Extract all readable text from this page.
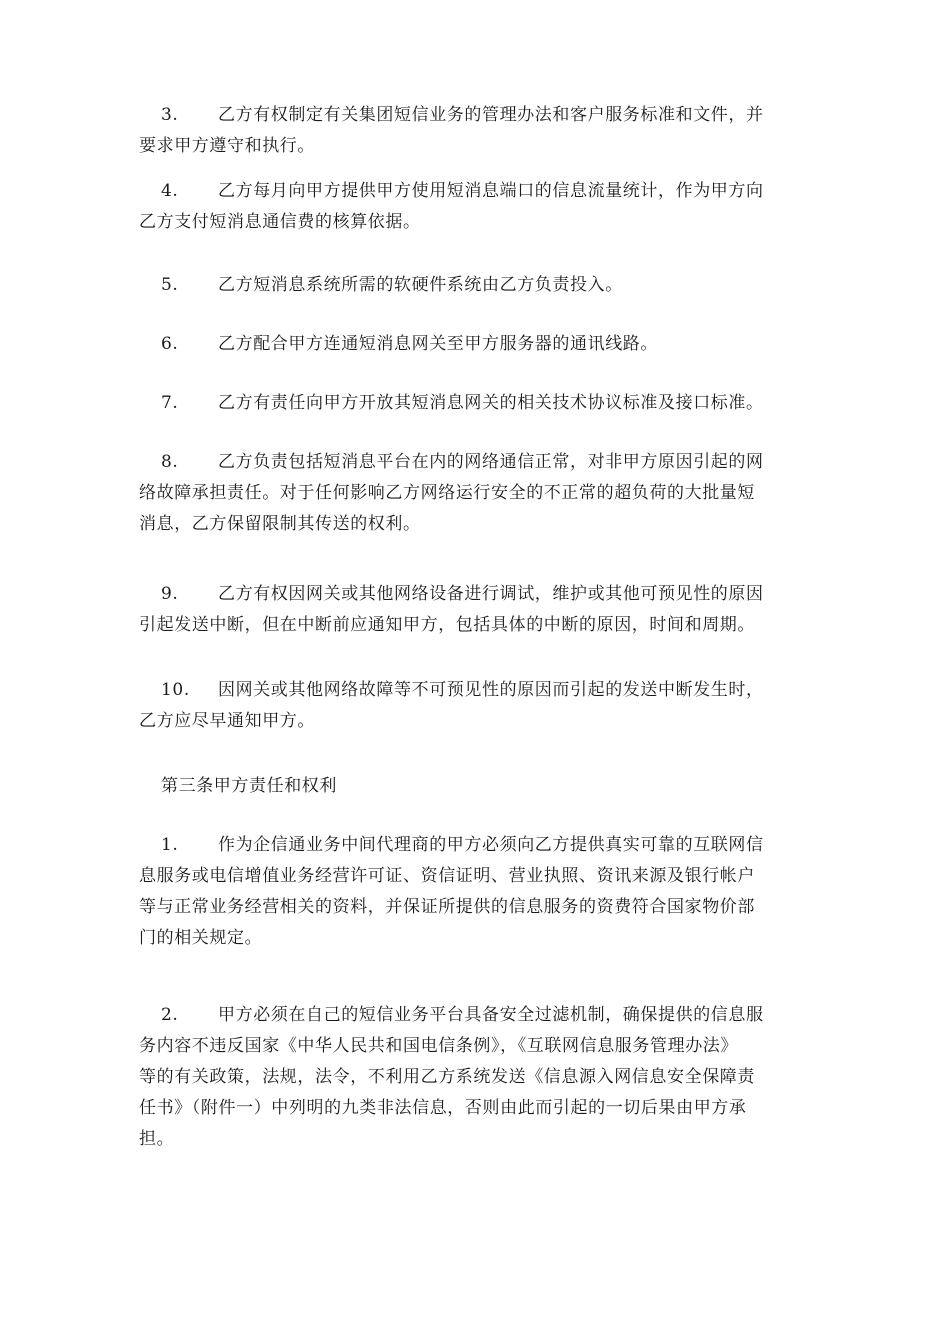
3. 乙方有权制定有关集团短信业务的管理办法和客户服务标准和文件，并
要求甲方遵守和执行。
4. 乙方每月向甲方提供甲方使用短消息端口的信息流量统计，作为甲方向
乙方支付短消息通信费的核算依据。
5. 乙方短消息系统所需的软硬件系统由乙方负责投入。
6. 乙方配合甲方连通短消息网关至甲方服务器的通讯线路。
7. 乙方有责任向甲方开放其短消息网关的相关技术协议标准及接口标准。
8. 乙方负责包括短消息平台在内的网络通信正常，对非甲方原因引起的网
络故障承担责任。对于任何影响乙方网络运行安全的不正常的超负荷的大批量短
消息，乙方保留限制其传送的权利。
9. 乙方有权因网关或其他网络设备进行调试，维护或其他可预见性的原因
引起发送中断，但在中断前应通知甲方，包括具体的中断的原因，时间和周期。
10. 因网关或其他网络故障等不可预见性的原因而引起的发送中断发生时，
乙方应尽早通知甲方。
第三条甲方责任和权利
1. 作为企信通业务中间代理商的甲方必须向乙方提供真实可靠的互联网信
息服务或电信增值业务经营许可证、资信证明、营业执照、资讯来源及银行帐户
等与正常业务经营相关的资料，并保证所提供的信息服务的资费符合国家物价部
门的相关规定。
2. 甲方必须在自己的短信业务平台具备安全过滤机制，确保提供的信息服
务内容不违反国家《中华人民共和国电信条例》，《互联网信息服务管理办法》
等的有关政策，法规，法令，不利用乙方系统发送《信息源入网信息安全保障责
任书》（附件一）中列明的九类非法信息，否则由此而引起的一切后果由甲方承
担。
